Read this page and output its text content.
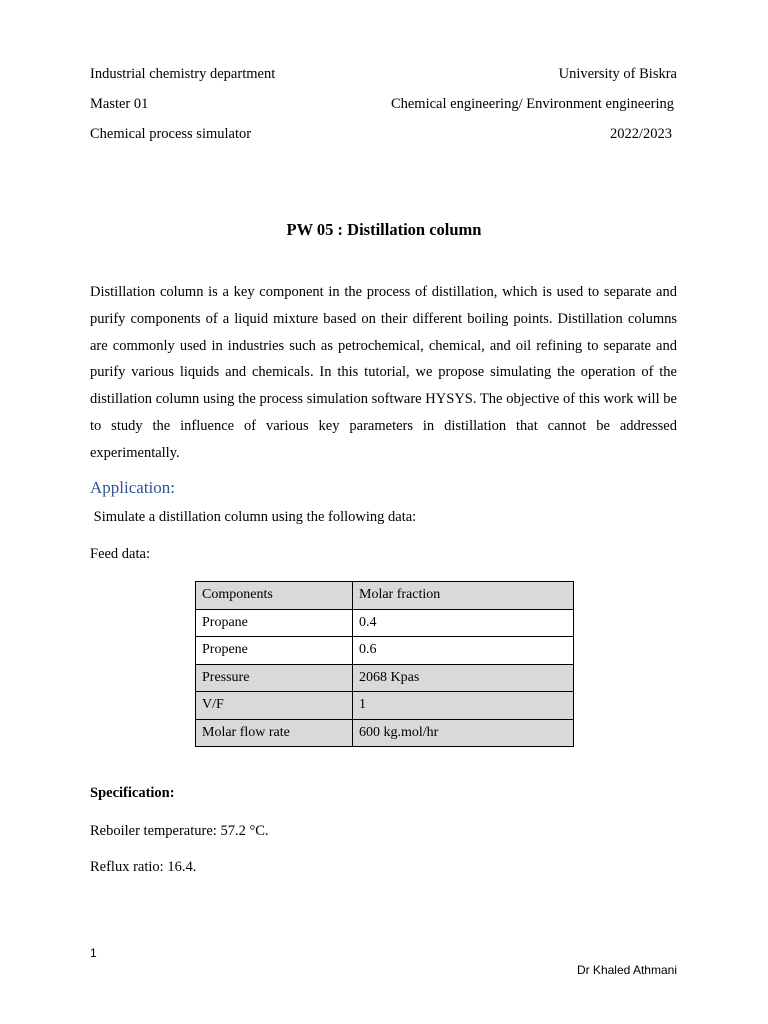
Industrial chemistry department	University of Biskra
Master 01	Chemical engineering/ Environment engineering
Chemical process simulator	2022/2023
PW 05 : Distillation column

Distillation column is a key component in the process of distillation, which is used to separate and purify components of a liquid mixture based on their different boiling points. Distillation columns are commonly used in industries such as petrochemical, chemical, and oil refining to separate and purify various liquids and chemicals. In this tutorial, we propose simulating the operation of the distillation column using the process simulation software HYSYS. The objective of this work will be to study the influence of various key parameters in distillation that cannot be addressed experimentally.

Application:
Simulate a distillation column using the following data:
Feed data:
Components	Molar fraction
Propane	0.4
Propene	0.6
Pressure	2068 Kpas
V/F	1
Molar flow rate	600 kg.mol/hr
Specification:
Reboiler temperature: 57.2 °C.
Reflux ratio: 16.4.
1
Dr Khaled Athmani
